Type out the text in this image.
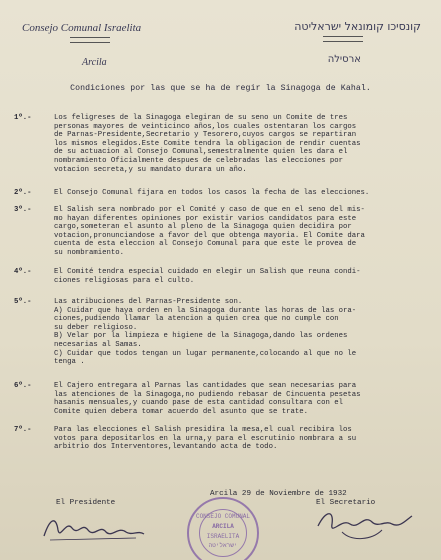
Consejo Comunal Israelita
Arcila
קונסיכו קומונאל ישראליטה
ארסילה
Condiciones por las que se ha de regir la Sinagoga de Kahal.
1º.-	Los feligreses de la Sinagoga elegiran de su seno un Comite de tres
personas mayores de veinticinco años,los cuales ostentaran los cargos
de Parnas-Presidente,Secretario y Tesorero,cuyos cargos se repartiran
los mismos elegidos.Este Comite tendra la obligacion de rendir cuentas
de su actuacion al Consejo Comunal,semestralmente quien les dara el
nombramiento Oficialmente despues de celebradas las elecciones por
votacion secreta,y su mandato durara un año.
2º.-	El Consejo Comunal fijara en todos los casos la fecha de las elecciones.
3º.-	El Salish sera nombrado por el Comité y caso de que en el seno del mis-
mo hayan diferentes opiniones por existir varios candidatos para este
cargo,someteran el asunto al pleno de la Sinagoga quien decidira por
votacion,pronunciandose a favor del que obtenga mayoria. El Comite dara
cuenta de esta eleccion al Consejo Comunal para que este le provea de
su nombramiento.
4º.-	El Comité tendra especial cuidado en elegir un Salish que reuna condi-
ciones religiosas para el culto.
5º.-	Las atribuciones del Parnas-Presidente son.
A) Cuidar que haya orden en la Sinagoga durante las horas de las ora-
ciones,pudiendo llamar la atencion a quien crea que no cumple con
su deber religioso.
B) Velar por la limpieza e higiene de la Sinagoga,dando las ordenes
necesarias al Samas.
C) Cuidar que todos tengan un lugar permanente,colocando al que no le
tenga .
6º.-	El Cajero entregara al Parnas las cantidades que sean necesarias para
las atenciones de la Sinagoga,no pudiendo rebasar de Cincuenta pesetas
hasanis mensuales,y cuando pase de esta cantidad consultara con el
Comite quien debera tomar acuerdo del asunto que se trate.
7º.-	Para las elecciones el Salish presidira la mesa,el cual recibira los
votos para depositarlos en la urna,y para el escrutinio nombrara a su
arbitrio dos Interventores,levantando acta de todo.
Arcila 29 de Noviembre de 1932
El Presidente	El Secretario
CONSEJO COMUNAL
ARCILA
ISRAELITA
ישראליטה
